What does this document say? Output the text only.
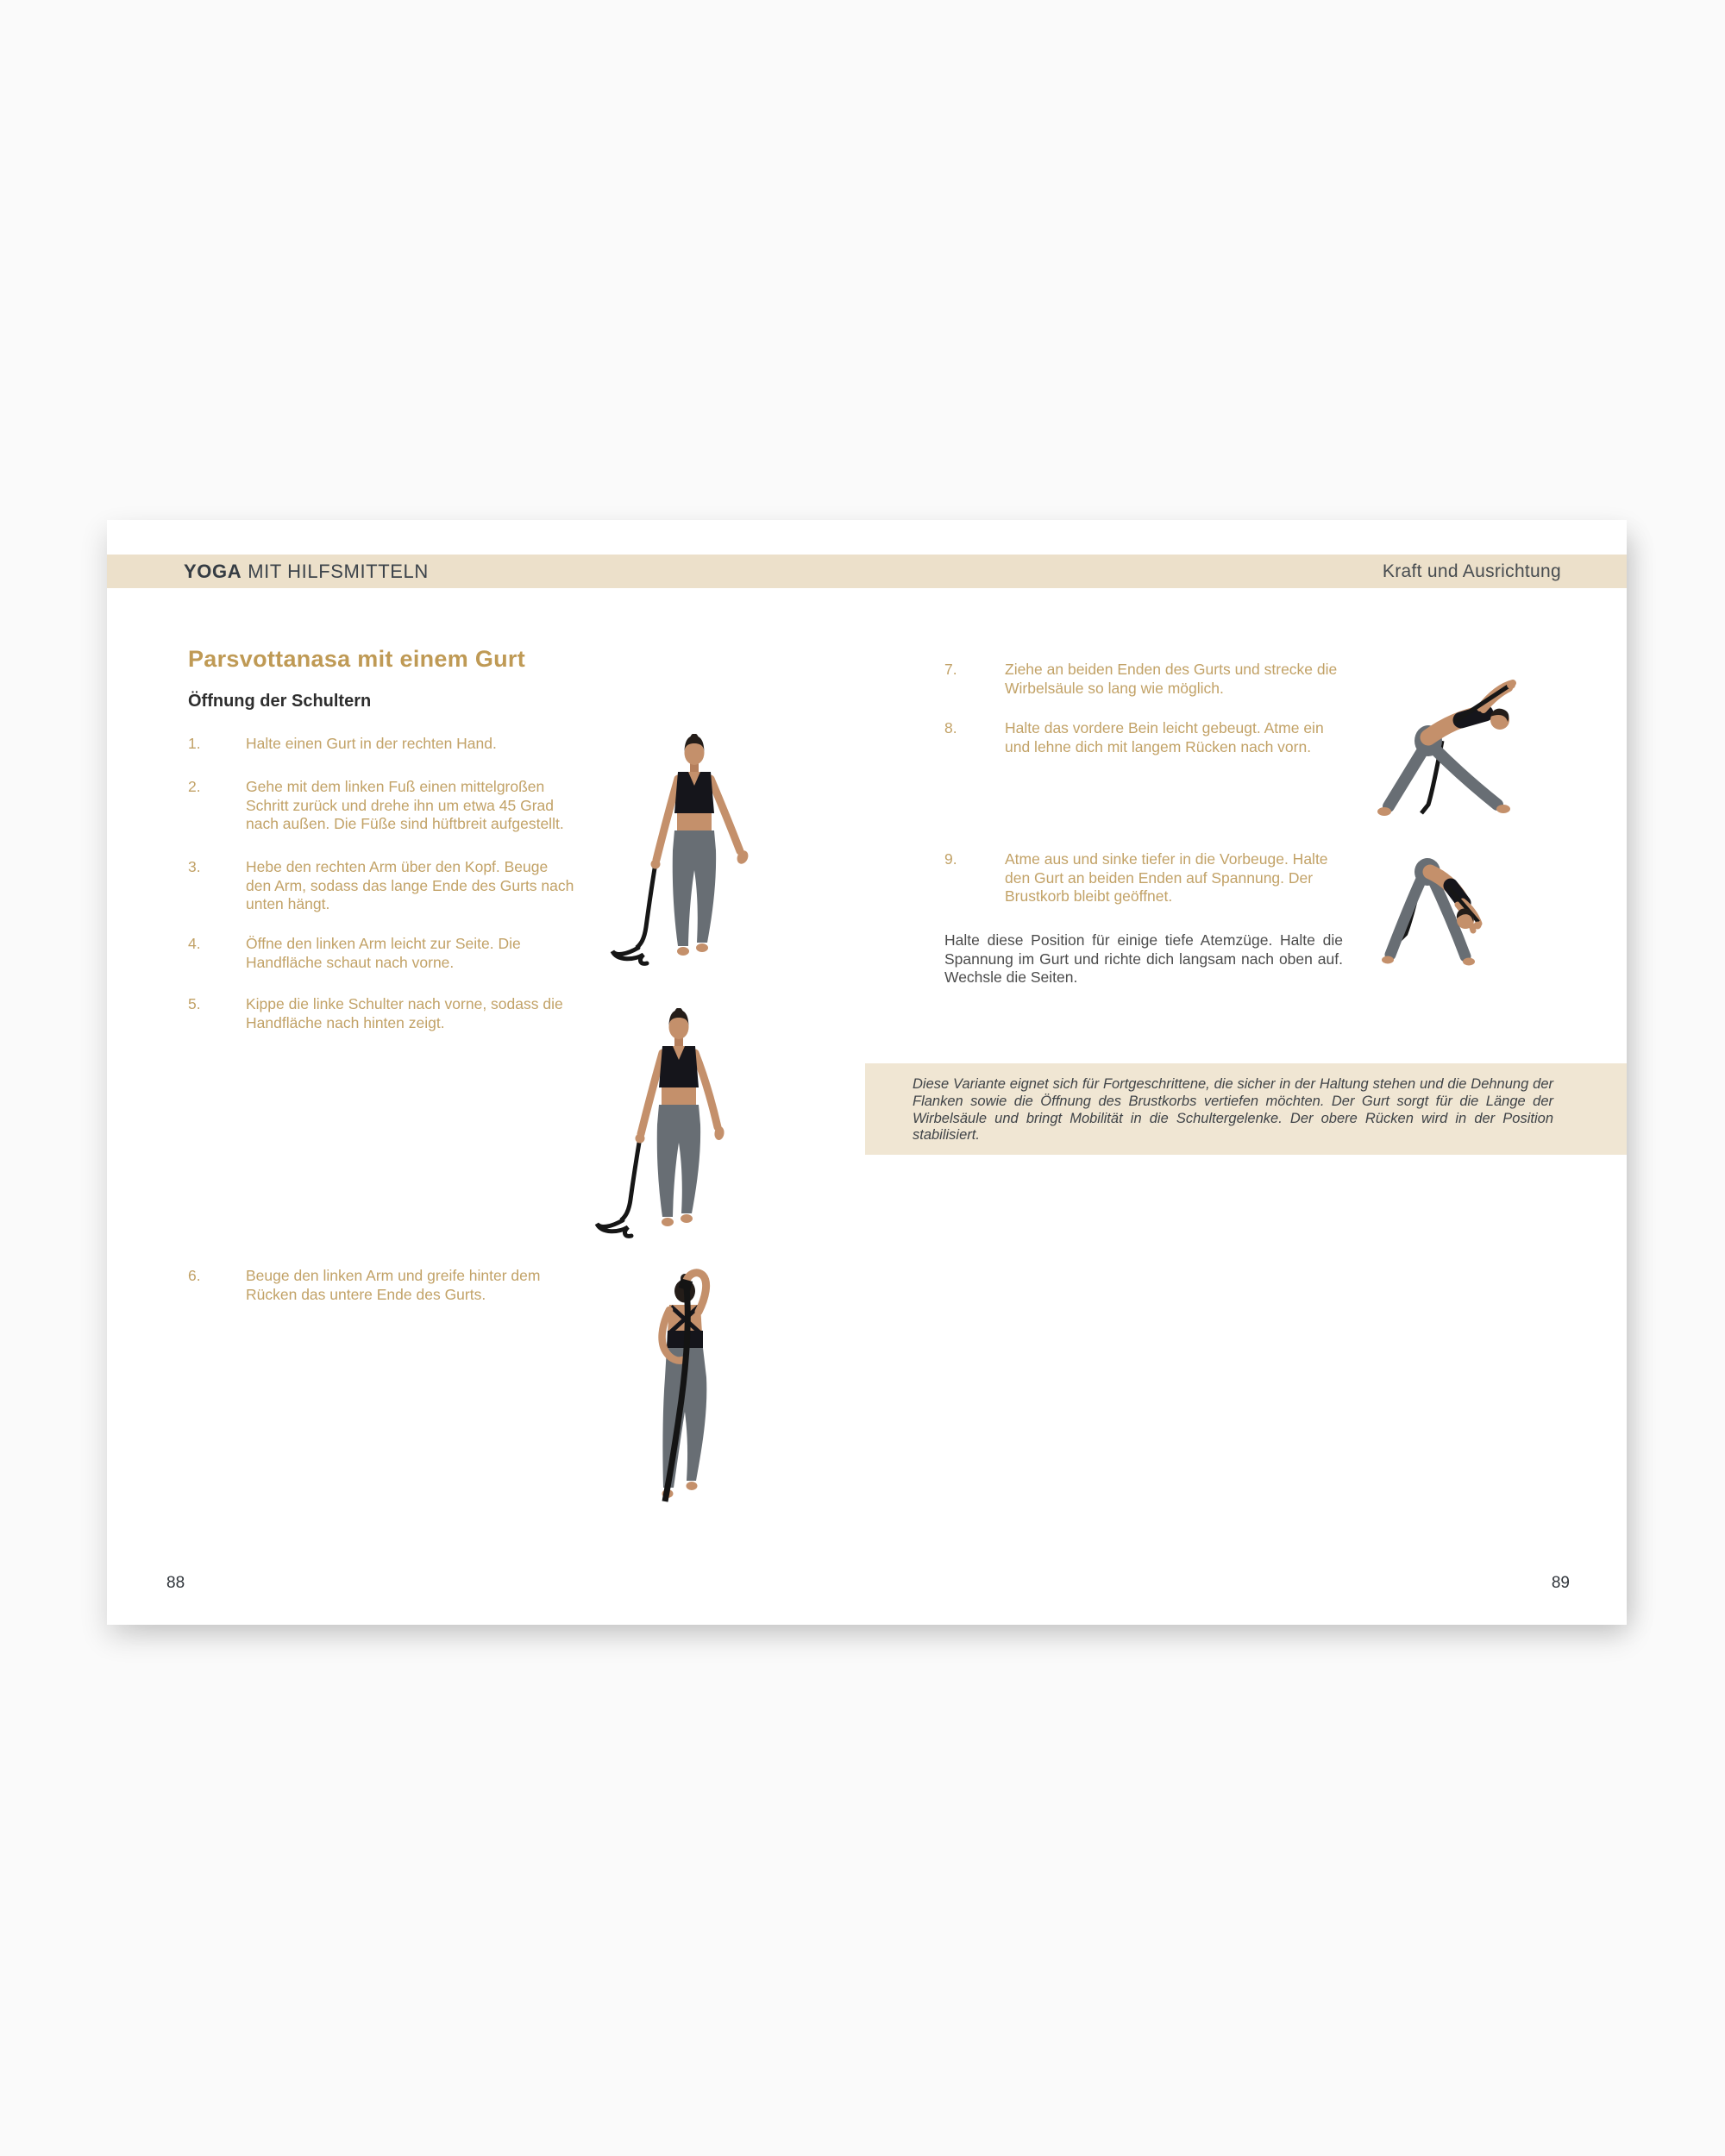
YOGA MIT HILFSMITTELN	Kraft und Ausrichtung
Parsvottanasa mit einem Gurt
Öffnung der Schultern
1.	Halte einen Gurt in der rechten Hand.
2.	Gehe mit dem linken Fuß einen mittelgroßen Schritt zurück und drehe ihn um etwa 45 Grad nach außen. Die Füße sind hüftbreit aufgestellt.
3.	Hebe den rechten Arm über den Kopf. Beuge den Arm, sodass das lange Ende des Gurts nach unten hängt.
4.	Öffne den linken Arm leicht zur Seite. Die Handfläche schaut nach vorne.
5.	Kippe die linke Schulter nach vorne, sodass die Handfläche nach hinten zeigt.
6.	Beuge den linken Arm und greife hinter dem Rücken das untere Ende des Gurts.
7.	Ziehe an beiden Enden des Gurts und strecke die Wirbelsäule so lang wie möglich.
8.	Halte das vordere Bein leicht gebeugt. Atme ein und lehne dich mit langem Rücken nach vorn.
9.	Atme aus und sinke tiefer in die Vorbeuge. Halte den Gurt an beiden Enden auf Spannung. Der Brustkorb bleibt geöffnet.
Halte diese Position für einige tiefe Atemzüge. Halte die Spannung im Gurt und richte dich langsam nach oben auf. Wechsle die Seiten.
Diese Variante eignet sich für Fortgeschrittene, die sicher in der Haltung stehen und die Dehnung der Flanken sowie die Öffnung des Brustkorbs vertiefen möchten. Der Gurt sorgt für die Länge der Wirbelsäule und bringt Mobilität in die Schultergelenke. Der obere Rücken wird in der Position stabilisiert.
88	89
